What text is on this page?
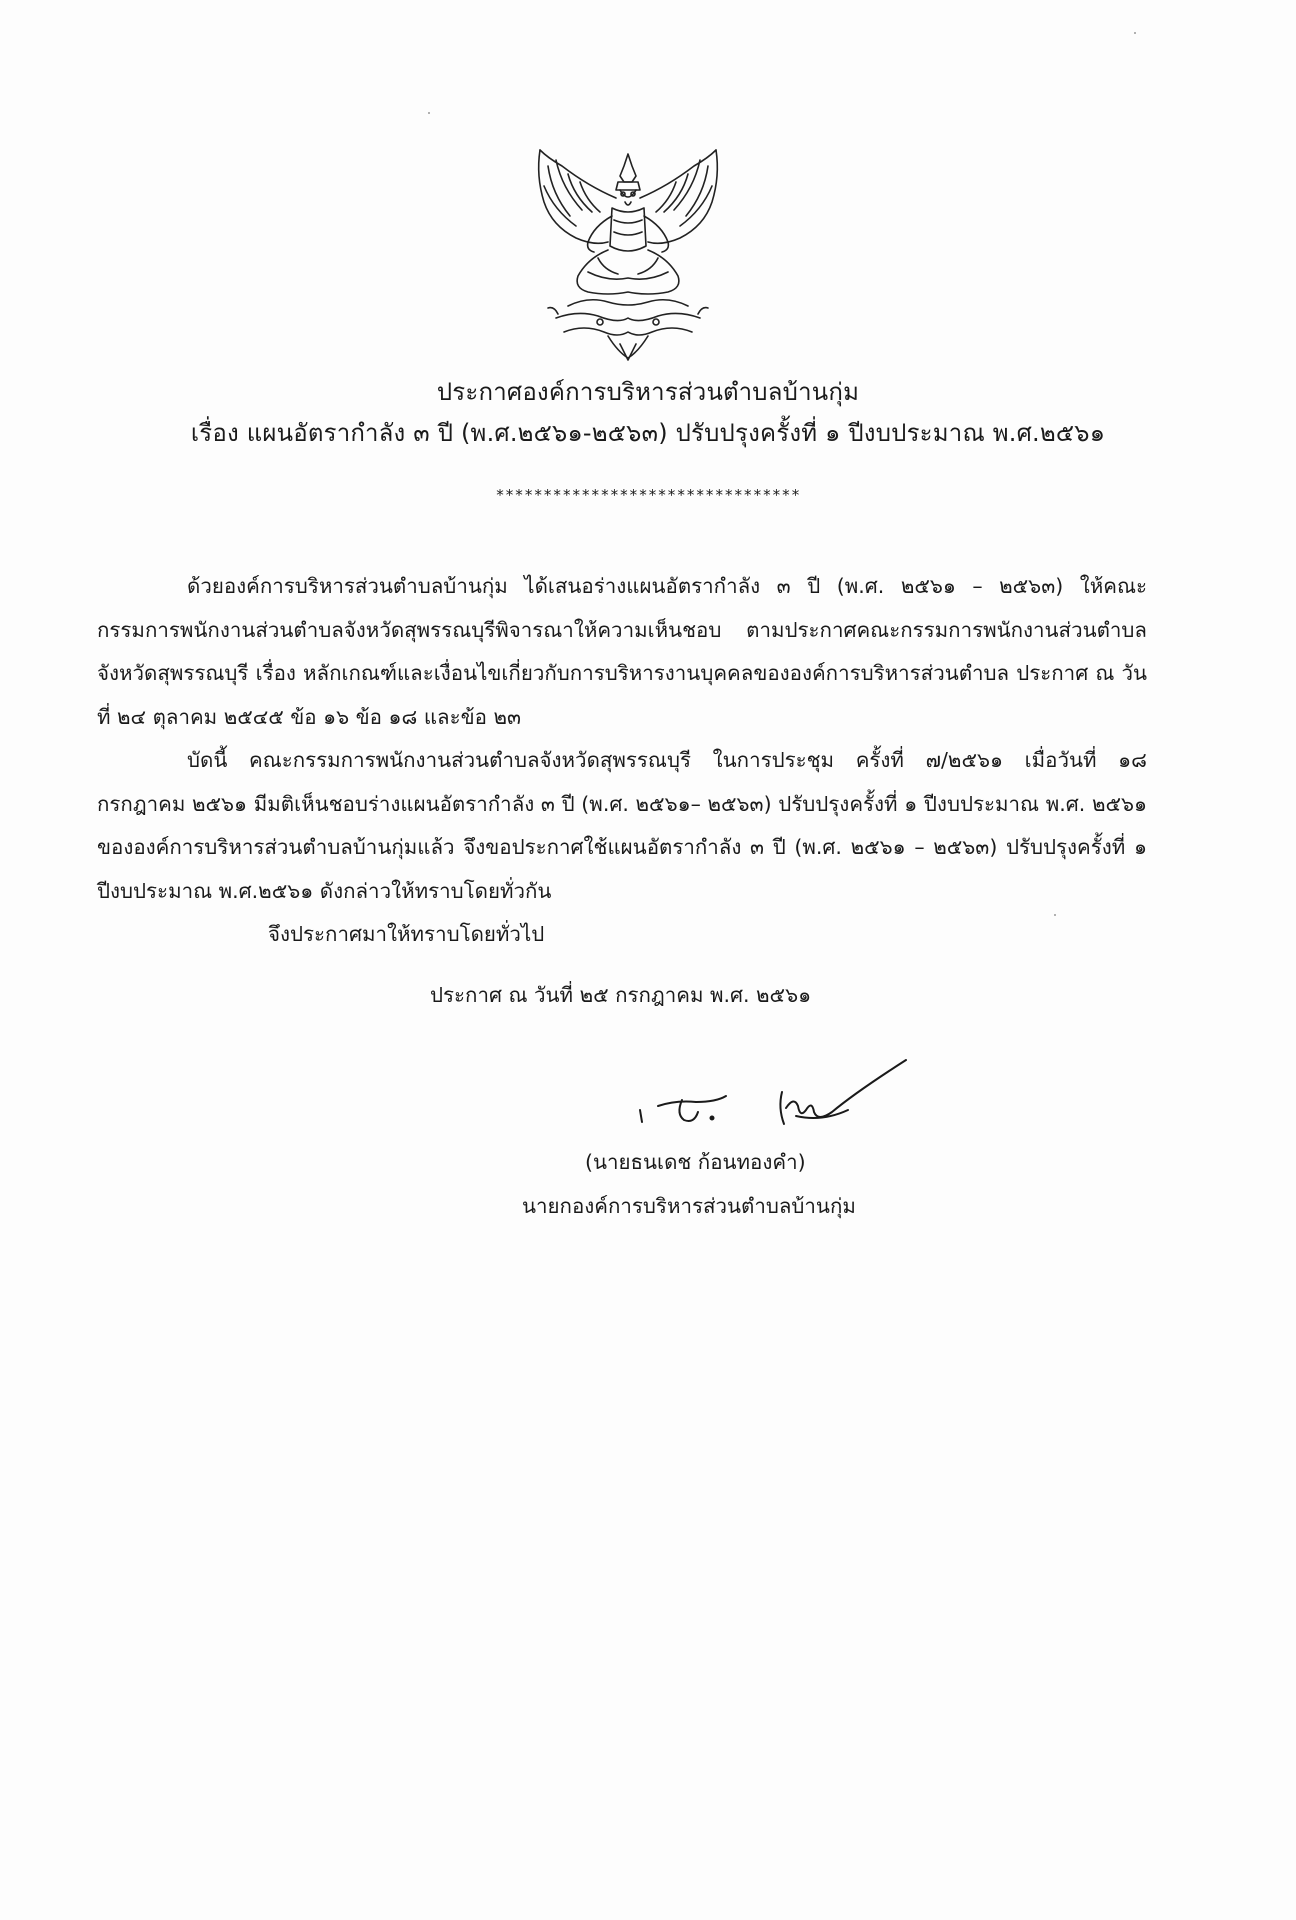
ประกาศองค์การบริหารส่วนตำบลบ้านกุ่ม
เรื่อง แผนอัตรากำลัง ๓ ปี (พ.ศ.๒๕๖๑-๒๕๖๓) ปรับปรุงครั้งที่ ๑ ปีงบประมาณ พ.ศ.๒๕๖๑
********************************

ด้วยองค์การบริหารส่วนตำบลบ้านกุ่ม ได้เสนอร่างแผนอัตรากำลัง ๓ ปี (พ.ศ. ๒๕๖๑ – ๒๕๖๓) ให้คณะกรรมการพนักงานส่วนตำบลจังหวัดสุพรรณบุรีพิจารณาให้ความเห็นชอบ ตามประกาศคณะกรรมการพนักงานส่วนตำบลจังหวัดสุพรรณบุรี เรื่อง หลักเกณฑ์และเงื่อนไขเกี่ยวกับการบริหารงานบุคคลขององค์การบริหารส่วนตำบล ประกาศ ณ วันที่ ๒๔ ตุลาคม ๒๕๔๕ ข้อ ๑๖ ข้อ ๑๘ และข้อ ๒๓

บัดนี้ คณะกรรมการพนักงานส่วนตำบลจังหวัดสุพรรณบุรี ในการประชุม ครั้งที่ ๗/๒๕๖๑ เมื่อวันที่ ๑๘ กรกฎาคม ๒๕๖๑ มีมติเห็นชอบร่างแผนอัตรากำลัง ๓ ปี (พ.ศ. ๒๕๖๑– ๒๕๖๓) ปรับปรุงครั้งที่ ๑ ปีงบประมาณ พ.ศ. ๒๕๖๑ ขององค์การบริหารส่วนตำบลบ้านกุ่มแล้ว จึงขอประกาศใช้แผนอัตรากำลัง ๓ ปี (พ.ศ. ๒๕๖๑ – ๒๕๖๓) ปรับปรุงครั้งที่ ๑ ปีงบประมาณ พ.ศ.๒๕๖๑ ดังกล่าวให้ทราบโดยทั่วกัน

จึงประกาศมาให้ทราบโดยทั่วไป
ประกาศ ณ วันที่ ๒๕ กรกฎาคม พ.ศ. ๒๕๖๑
(นายธนเดช ก้อนทองคำ)
นายกองค์การบริหารส่วนตำบลบ้านกุ่ม
